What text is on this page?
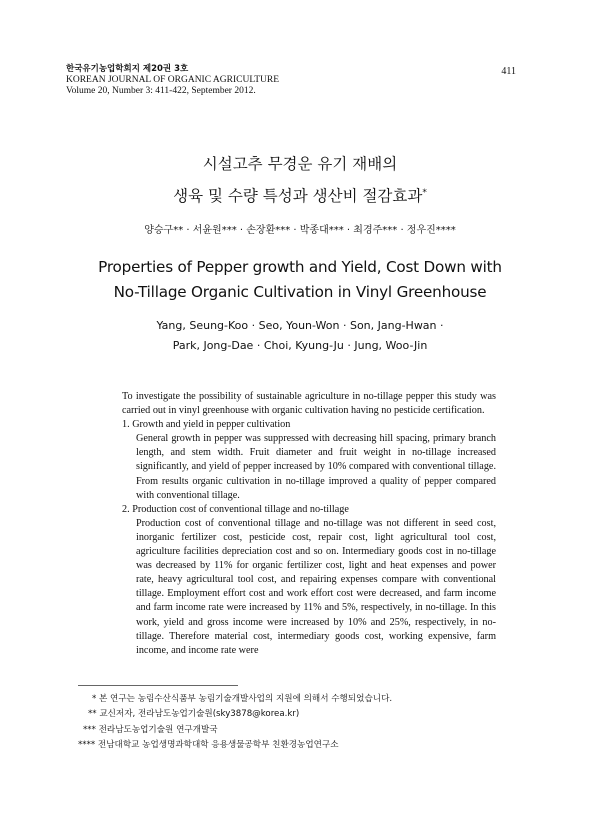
한국유기농업학회지 제20권 3호
KOREAN JOURNAL OF ORGANIC AGRICULTURE
Volume 20, Number 3: 411-422, September 2012.
411
시설고추 무경운 유기 재배의
생육 및 수량 특성과 생산비 절감효과*
양승구** · 서윤원*** · 손장환*** · 박종대*** · 최경주*** · 정우진****
Properties of Pepper growth and Yield, Cost Down with
No-Tillage Organic Cultivation in Vinyl Greenhouse
Yang, Seung-Koo · Seo, Youn-Won · Son, Jang-Hwan ·
Park, Jong-Dae · Choi, Kyung-Ju · Jung, Woo-Jin

To investigate the possibility of sustainable agriculture in no-tillage pepper this study was carried out in vinyl greenhouse with organic cultivation having no pesticide certification.

1. Growth and yield in pepper cultivation

General growth in pepper was suppressed with decreasing hill spacing, primary branch length, and stem width. Fruit diameter and fruit weight in no-tillage increased significantly, and yield of pepper increased by 10% compared with conventional tillage. From results organic cultivation in no-tillage improved a quality of pepper compared with conventional tillage.

2. Production cost of conventional tillage and no-tillage

Production cost of conventional tillage and no-tillage was not different in seed cost, inorganic fertilizer cost, pesticide cost, repair cost, light agricultural tool cost, agriculture facilities depreciation cost and so on. Intermediary goods cost in no-tillage was decreased by 11% for organic fertilizer cost, light and heat expenses and power rate, heavy agricultural tool cost, and repairing expenses compare with conventional tillage. Employment effort cost and work effort cost were decreased, and farm income and farm income rate were increased by 11% and 5%, respectively, in no-tillage. In this work, yield and gross income were increased by 10% and 25%, respectively, in no-tillage. Therefore material cost, intermediary goods cost, working expensive, farm income, and income rate were

* 본 연구는 농림수산식품부 농림기술개발사업의 지원에 의해서 수행되었습니다.
** 교신저자, 전라남도농업기술원(sky3878@korea.kr)
*** 전라남도농업기술원 연구개발국
**** 전남대학교 농업생명과학대학 응용생물공학부 친환경농업연구소
